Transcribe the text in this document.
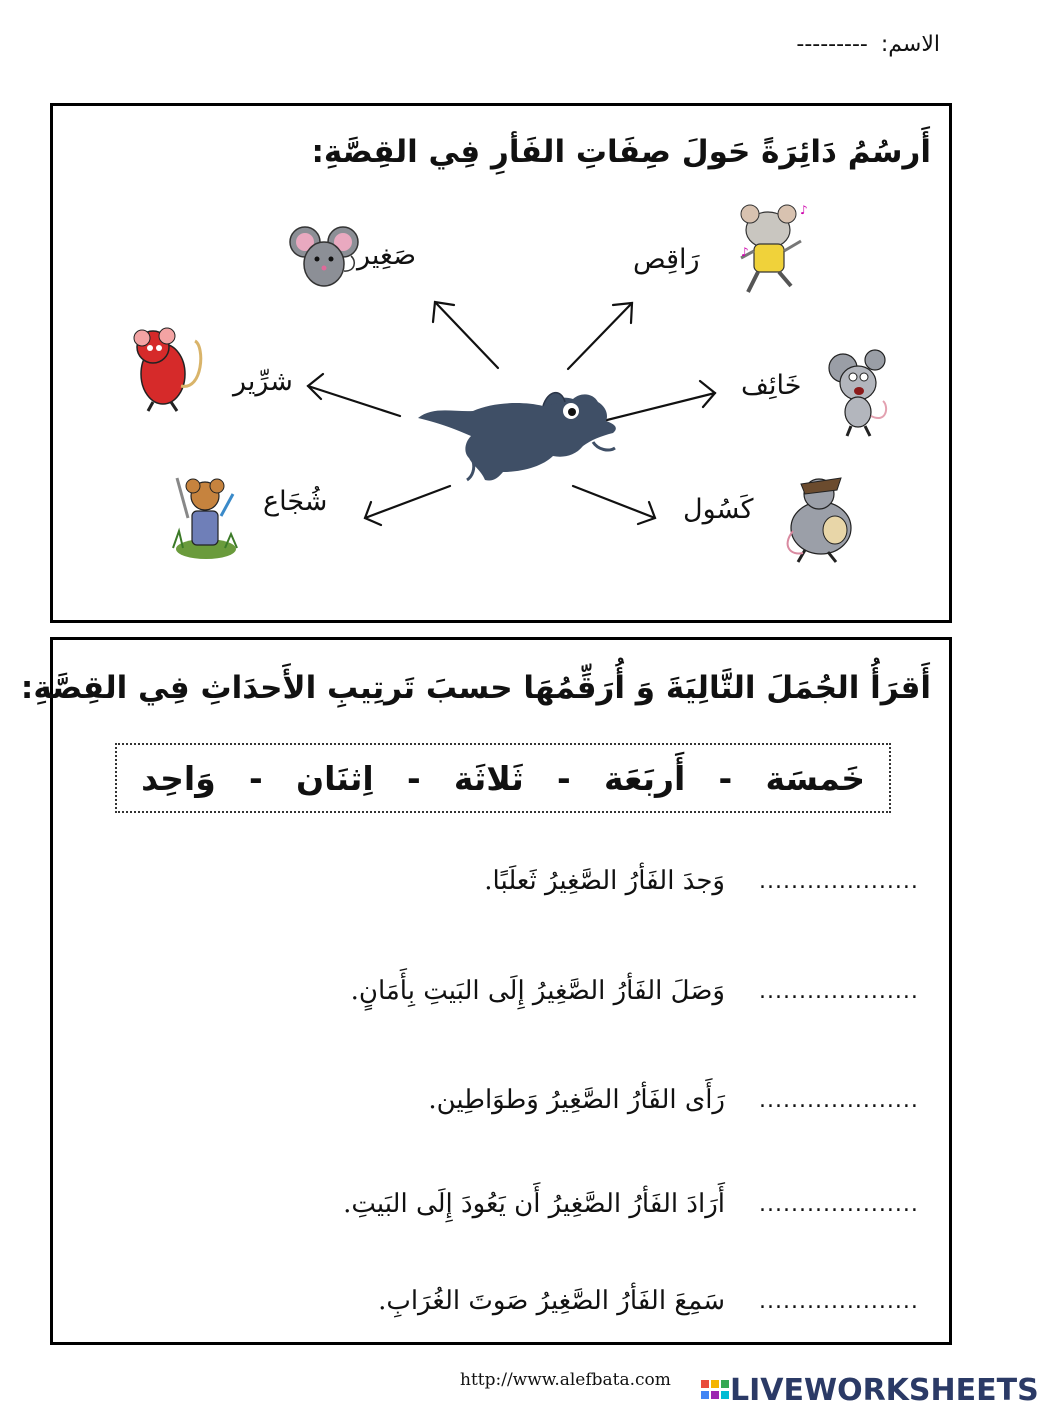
الاسم: ---------
أَرسُمُ دَائِرَةً حَولَ صِفَاتِ الفَأرِ فِي القِصَّةِ:
♪
♪
صَغِير	رَاقِص
شرِّير	خَائِف
شُجَاع	كَسُول
أَقرَأُ الجُمَلَ التَّالِيَةَ وَ أُرَقِّمُهَا حسبَ تَرتِيبِ الأَحدَاثِ فِي القِصَّةِ:
وَاحِد - اِثنَان - ثَلاثَة - أَربَعَة - خَمسَة
....................
وَجدَ الفَأرُ الصَّغِيرُ ثَعلَبًا.
....................
وَصَلَ الفَأرُ الصَّغِيرُ إِلَى البَيتِ بِأَمَانٍ.
....................
رَأَى الفَأرُ الصَّغِيرُ وَطوَاطِين.
....................
أَرَادَ الفَأرُ الصَّغِيرُ أَن يَعُودَ إِلَى البَيتِ.
....................
سَمِعَ الفَأرُ الصَّغِيرُ صَوتَ الغُرَابِ.
http://www.alefbata.com LIVEWORKSHEETS
